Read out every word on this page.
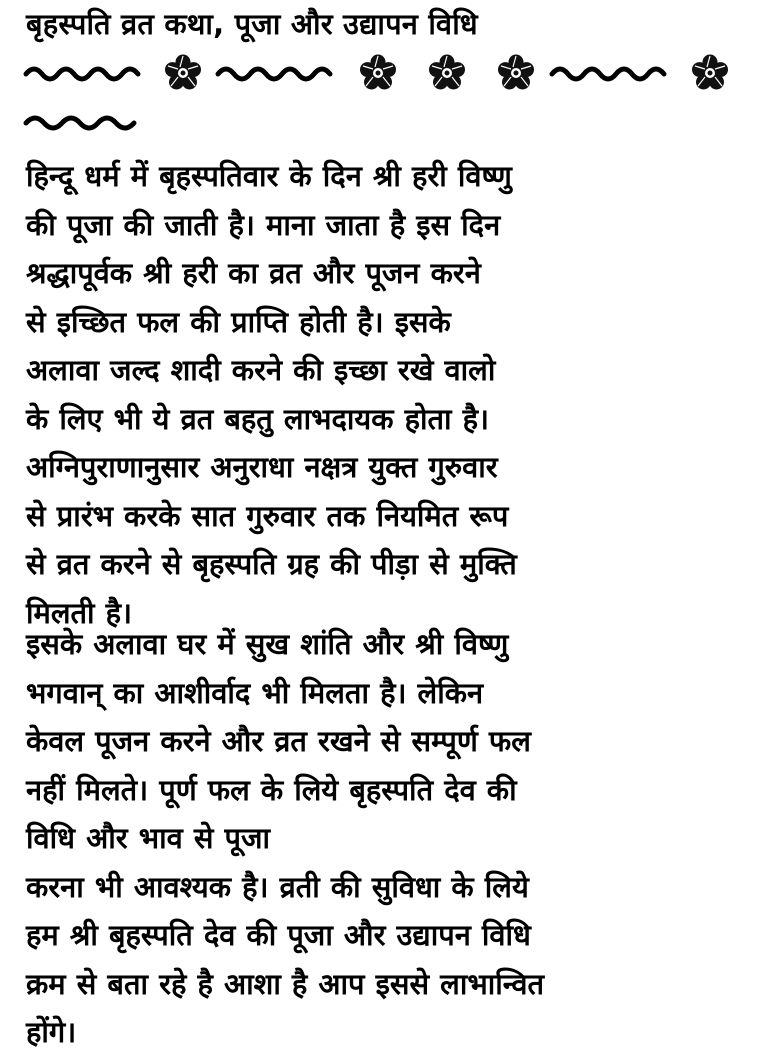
बृहस्पति व्रत कथा, पूजा और उद्यापन विधि
हिन्दू धर्म में बृहस्पतिवार के दिन श्री हरी विष्णु
की पूजा की जाती है। माना जाता है इस दिन
श्रद्धापूर्वक श्री हरी का व्रत और पूजन करने
से इच्छित फल की प्राप्ति होती है। इसके
अलावा जल्द शादी करने की इच्छा रखे वालो
के लिए भी ये व्रत बहतु लाभदायक होता है।
अग्निपुराणानुसार अनुराधा नक्षत्र युक्त गुरुवार
से प्रारंभ करके सात गुरुवार तक नियमित रूप
से व्रत करने से बृहस्पति ग्रह की पीड़ा से मुक्ति
मिलती है।
इसके अलावा घर में सुख शांति और श्री विष्णु
भगवान् का आशीर्वाद भी मिलता है। लेकिन
केवल पूजन करने और व्रत रखने से सम्पूर्ण फल
नहीं मिलते। पूर्ण फल के लिये बृहस्पति देव की
विधि और भाव से पूजा
करना भी आवश्यक है। व्रती की सुविधा के लिये
हम श्री बृहस्पति देव की पूजा और उद्यापन विधि
क्रम से बता रहे है आशा है आप इससे लाभान्वित
होंगे।
